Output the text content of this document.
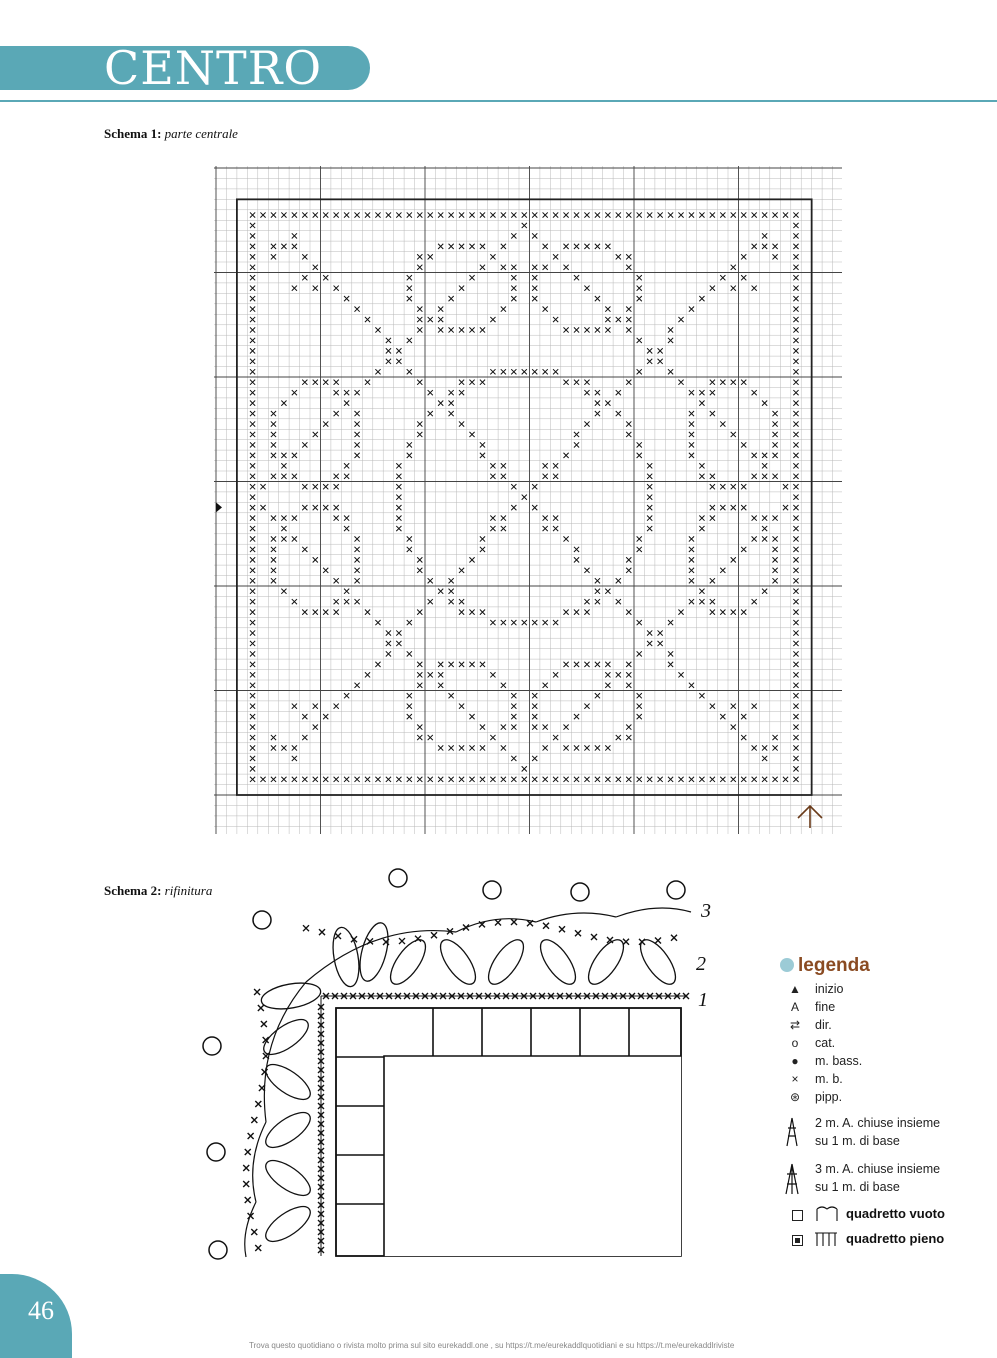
CENTRO
Schema 1: parte centrale
Schema 2: rifinitura
3
2
1
legenda
▲	inizio
A	fine
⇄	dir.
o	cat.
●	m. bass.
×	m. b.
⊛	pipp.
2 m. A. chiuse insieme
su 1 m. di base
3 m. A. chiuse insieme
su 1 m. di base
quadretto vuoto
quadretto pieno
46
Trova questo quotidiano o rivista molto prima sul sito eurekaddl.one , su https://t.me/eurekaddlquotidiani e su https://t.me/eurekaddlriviste
